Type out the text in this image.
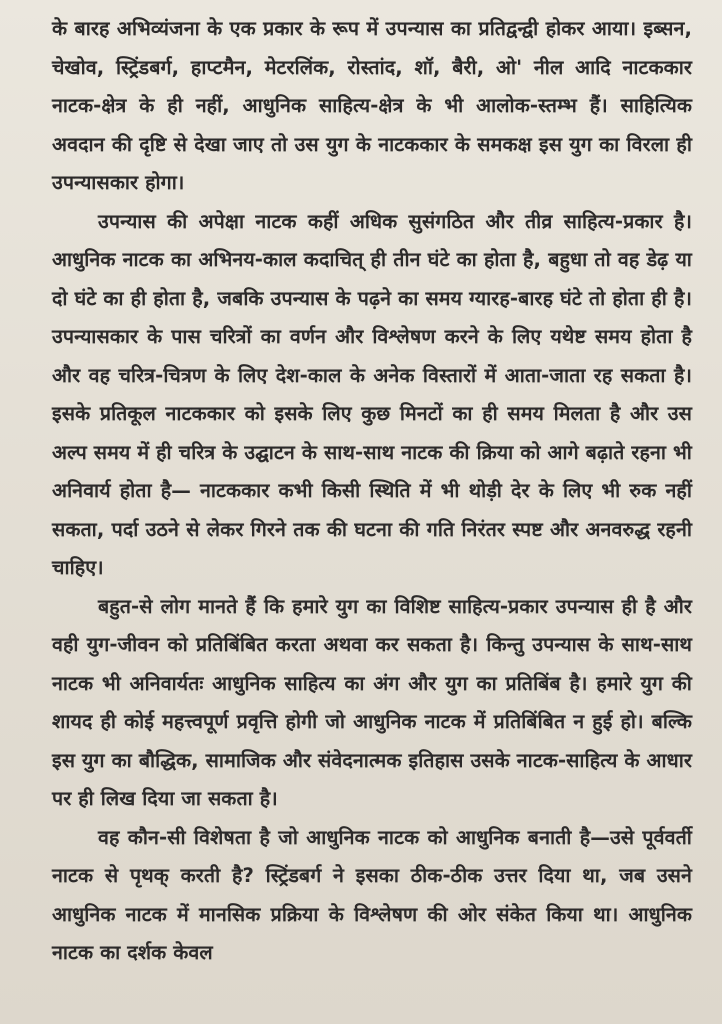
के बारह अभिव्यंजना के एक प्रकार के रूप में उपन्यास का प्रतिद्वन्द्वी होकर आया। इब्सन, चेखोव, स्ट्रिंडबर्ग, हाप्टमैन, मेटरलिंक, रोस्तांद, शॉ, बैरी, ओ' नील आदि नाटककार नाटक-क्षेत्र के ही नहीं, आधुनिक साहित्य-क्षेत्र के भी आलोक-स्तम्भ हैं। साहित्यिक अवदान की दृष्टि से देखा जाए तो उस युग के नाटककार के समकक्ष इस युग का विरला ही उपन्यासकार होगा।

उपन्यास की अपेक्षा नाटक कहीं अधिक सुसंगठित और तीव्र साहित्य-प्रकार है। आधुनिक नाटक का अभिनय-काल कदाचित् ही तीन घंटे का होता है, बहुधा तो वह डेढ़ या दो घंटे का ही होता है, जबकि उपन्यास के पढ़ने का समय ग्यारह-बारह घंटे तो होता ही है। उपन्यासकार के पास चरित्रों का वर्णन और विश्लेषण करने के लिए यथेष्ट समय होता है और वह चरित्र-चित्रण के लिए देश-काल के अनेक विस्तारों में आता-जाता रह सकता है। इसके प्रतिकूल नाटककार को इसके लिए कुछ मिनटों का ही समय मिलता है और उस अल्प समय में ही चरित्र के उद्घाटन के साथ-साथ नाटक की क्रिया को आगे बढ़ाते रहना भी अनिवार्य होता है— नाटककार कभी किसी स्थिति में भी थोड़ी देर के लिए भी रुक नहीं सकता, पर्दा उठने से लेकर गिरने तक की घटना की गति निरंतर स्पष्ट और अनवरुद्ध रहनी चाहिए।

बहुत-से लोग मानते हैं कि हमारे युग का विशिष्ट साहित्य-प्रकार उपन्यास ही है और वही युग-जीवन को प्रतिबिंबित करता अथवा कर सकता है। किन्तु उपन्यास के साथ-साथ नाटक भी अनिवार्यतः आधुनिक साहित्य का अंग और युग का प्रतिबिंब है। हमारे युग की शायद ही कोई महत्त्वपूर्ण प्रवृत्ति होगी जो आधुनिक नाटक में प्रतिबिंबित न हुई हो। बल्कि इस युग का बौद्धिक, सामाजिक और संवेदनात्मक इतिहास उसके नाटक-साहित्य के आधार पर ही लिख दिया जा सकता है।

वह कौन-सी विशेषता है जो आधुनिक नाटक को आधुनिक बनाती है—उसे पूर्ववर्ती नाटक से पृथक् करती है? स्ट्रिंडबर्ग ने इसका ठीक-ठीक उत्तर दिया था, जब उसने आधुनिक नाटक में मानसिक प्रक्रिया के विश्लेषण की ओर संकेत किया था। आधुनिक नाटक का दर्शक केवल
